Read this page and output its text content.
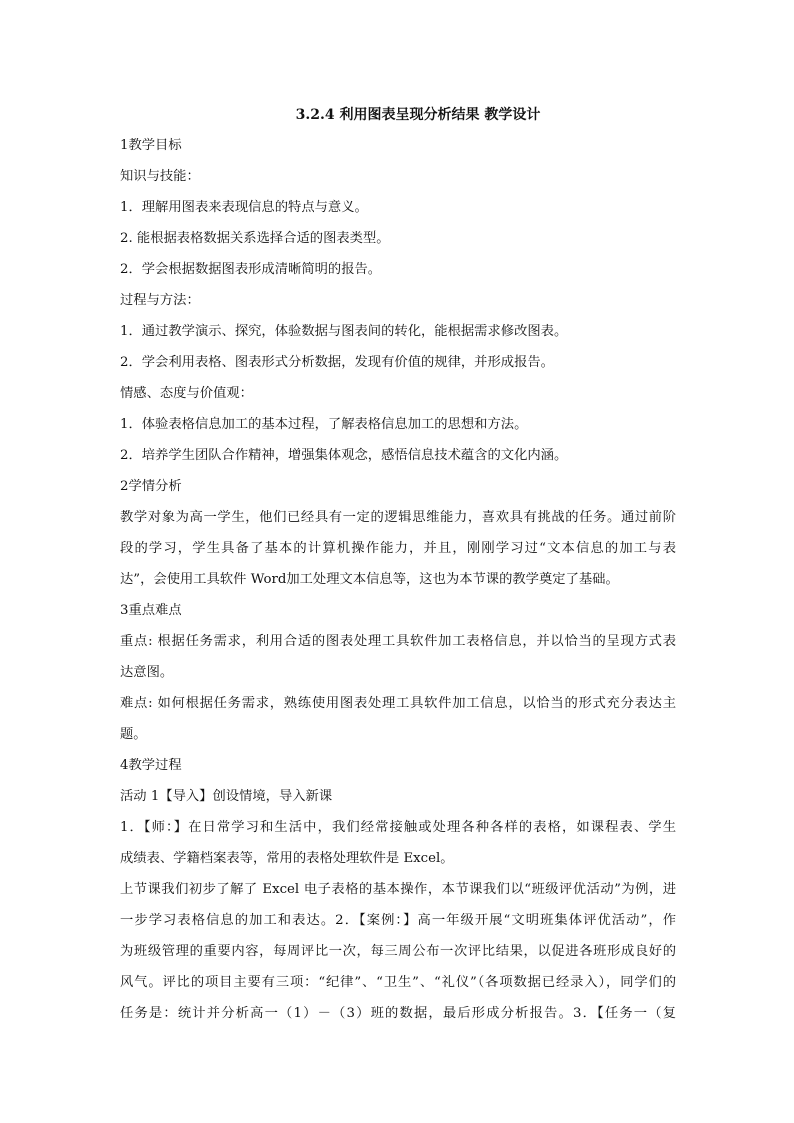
3.2.4 利用图表呈现分析结果 教学设计
1教学目标
知识与技能：
1．理解用图表来表现信息的特点与意义。
2. 能根据表格数据关系选择合适的图表类型。
2．学会根据数据图表形成清晰简明的报告。
过程与方法：
1．通过教学演示、探究，体验数据与图表间的转化，能根据需求修改图表。
2．学会利用表格、图表形式分析数据，发现有价值的规律，并形成报告。
情感、态度与价值观：
1．体验表格信息加工的基本过程，了解表格信息加工的思想和方法。
2．培养学生团队合作精神，增强集体观念，感悟信息技术蕴含的文化内涵。
2学情分析
教学对象为高一学生，他们已经具有一定的逻辑思维能力，喜欢具有挑战的任务。通过前阶
段的学习，学生具备了基本的计算机操作能力，并且，刚刚学习过“文本信息的加工与表
达”，会使用工具软件 Word加工处理文本信息等，这也为本节课的教学奠定了基础。
3重点难点
重点: 根据任务需求，利用合适的图表处理工具软件加工表格信息，并以恰当的呈现方式表
达意图。
难点: 如何根据任务需求，熟练使用图表处理工具软件加工信息，以恰当的形式充分表达主
题。
4教学过程
活动 1【导入】创设情境，导入新课
1．【师：】在日常学习和生活中，我们经常接触或处理各种各样的表格，如课程表、学生
成绩表、学籍档案表等，常用的表格处理软件是 Excel。
上节课我们初步了解了 Excel 电子表格的基本操作，本节课我们以“班级评优活动”为例，进
一步学习表格信息的加工和表达。2．【案例：】高一年级开展“文明班集体评优活动”，作
为班级管理的重要内容，每周评比一次，每三周公布一次评比结果，以促进各班形成良好的
风气。评比的项目主要有三项：“纪律”、“卫生”、“礼仪”（各项数据已经录入），同学们的
任务是：统计并分析高一（1）－（3）班的数据，最后形成分析报告。3．【任务一（复
